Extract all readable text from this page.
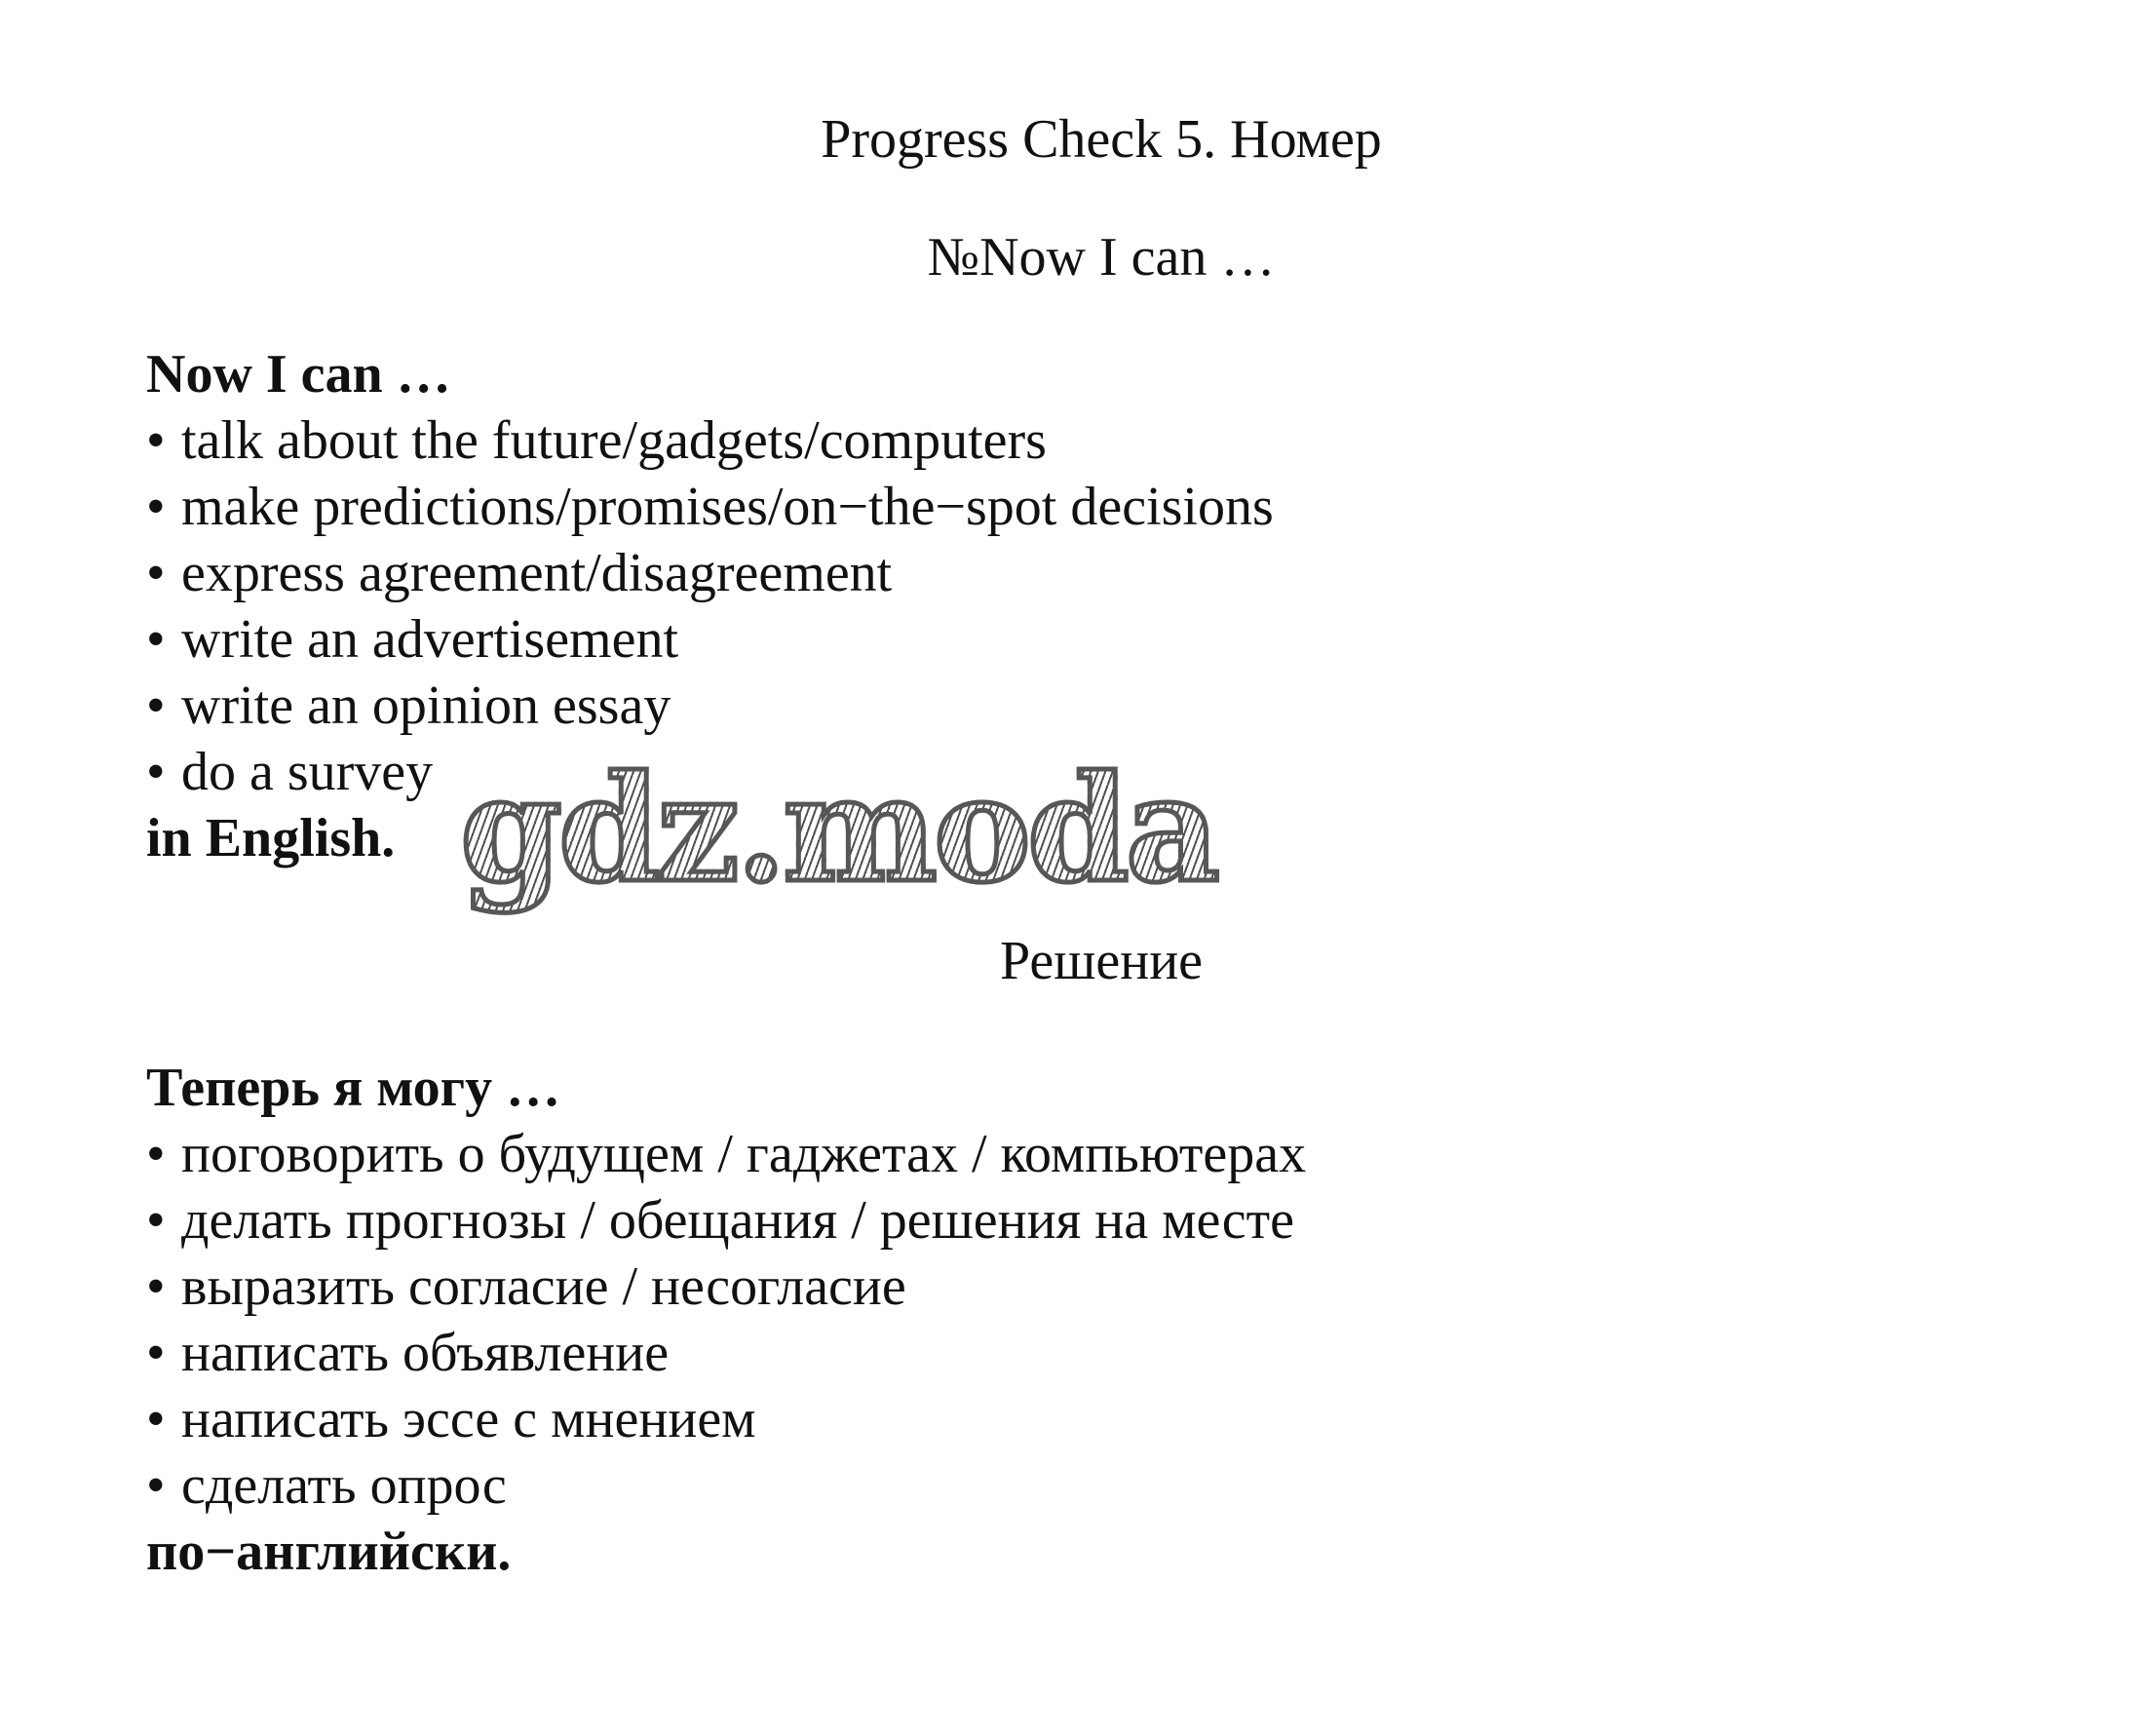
Progress Check 5. Номер
№Now I can …
Now I can …
• talk about the future/gadgets/computers
• make predictions/promises/on−the−spot decisions
• express agreement/disagreement
• write an advertisement
• write an opinion essay
• do a survey
in English. gdz.moda
Решение
Теперь я могу …
• поговорить о будущем / гаджетах / компьютерах
• делать прогнозы / обещания / решения на месте
• выразить согласие / несогласие
• написать объявление
• написать эссе с мнением
• сделать опрос
по−английски.
